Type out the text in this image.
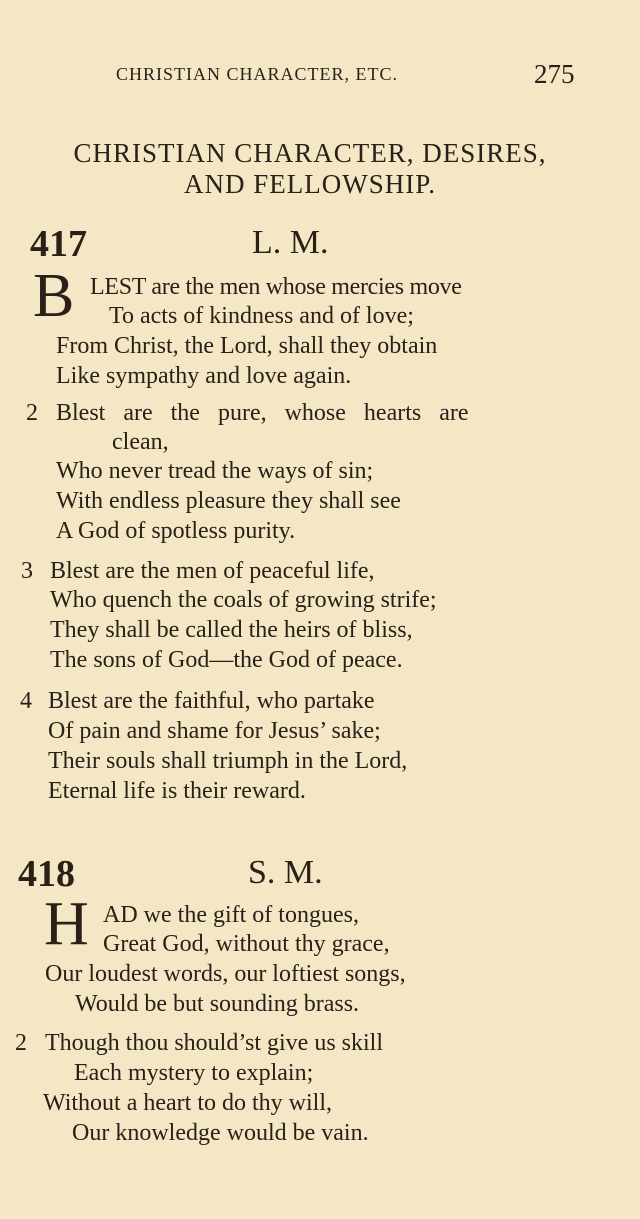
CHRISTIAN CHARACTER, ETC.	275
CHRISTIAN CHARACTER, DESIRES,
AND FELLOWSHIP.
417	L. M.
B LEST are the men whose mercies move
To acts of kindness and of love;
From Christ, the Lord, shall they obtain
Like sympathy and love again.
2 Blest are the pure, whose hearts are
clean,
Who never tread the ways of sin;
With endless pleasure they shall see
A God of spotless purity.
3 Blest are the men of peaceful life,
Who quench the coals of growing strife;
They shall be called the heirs of bliss,
The sons of God—the God of peace.
4 Blest are the faithful, who partake
Of pain and shame for Jesus’ sake;
Their souls shall triumph in the Lord,
Eternal life is their reward.
418	S. M.
H AD we the gift of tongues,
Great God, without thy grace,
Our loudest words, our loftiest songs,
Would be but sounding brass.
2 Though thou should’st give us skill
Each mystery to explain;
Without a heart to do thy will,
Our knowledge would be vain.
